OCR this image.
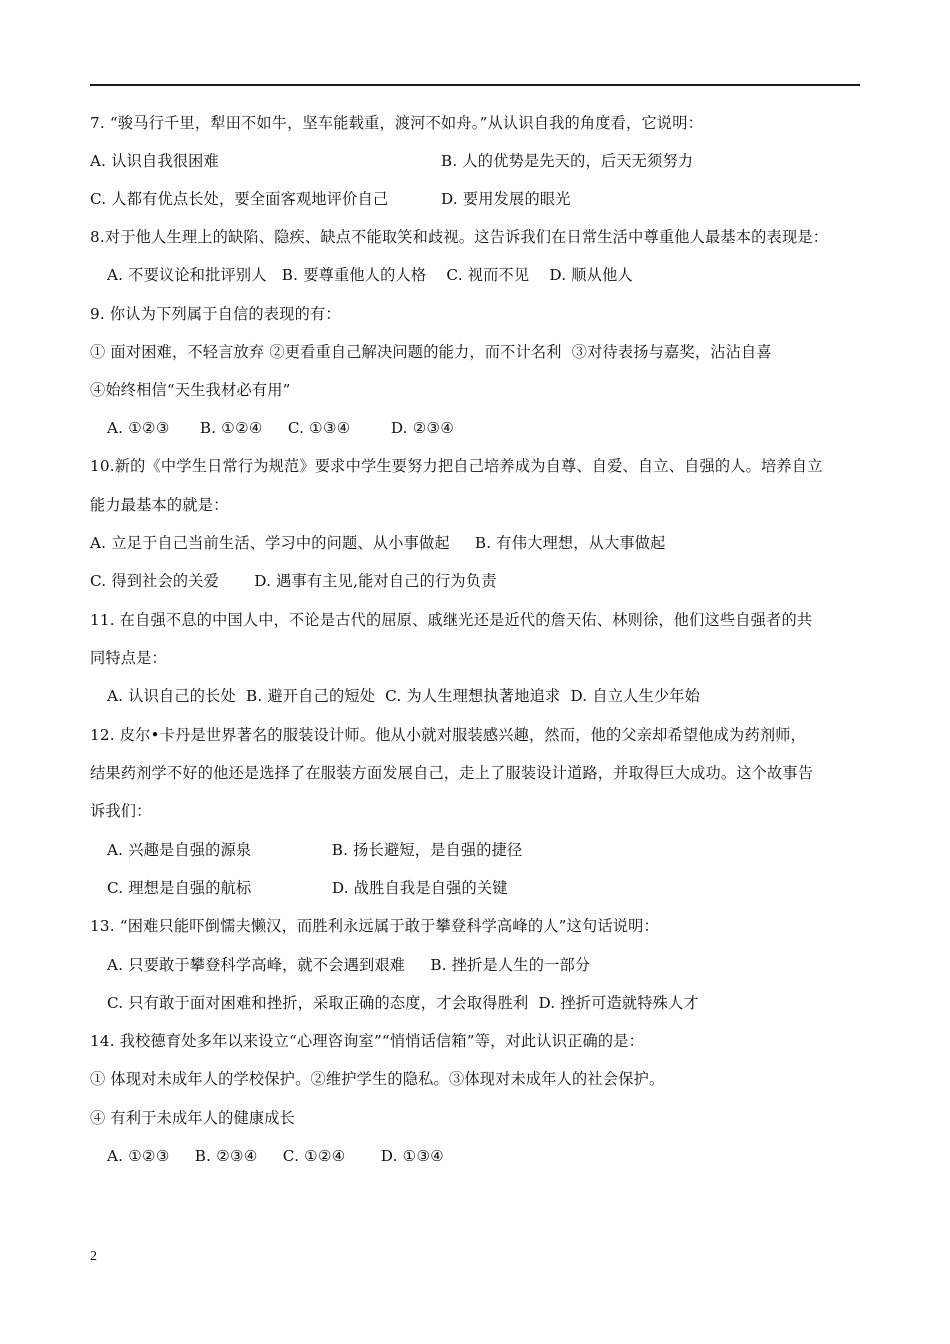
7. “骏马行千里，犁田不如牛，坚车能载重，渡河不如舟。”从认识自我的角度看，它说明：
A. 认识自我很困难	B. 人的优势是先天的，后天无须努力
C. 人都有优点长处，要全面客观地评价自己	D. 要用发展的眼光
8.对于他人生理上的缺陷、隐疾、缺点不能取笑和歧视。这告诉我们在日常生活中尊重他人最基本的表现是：
A. 不要议论和批评别人   B. 要尊重他人的人格    C. 视而不见    D. 顺从他人
9. 你认为下列属于自信的表现的有：
① 面对困难，不轻言放弃 ②更看重自己解决问题的能力，而不计名利  ③对待表扬与嘉奖，沾沾自喜
④始终相信“天生我材必有用”
A. ①②③      B. ①②④     C. ①③④        D. ②③④
10.新的《中学生日常行为规范》要求中学生要努力把自己培养成为自尊、自爱、自立、自强的人。培养自立
能力最基本的就是：
A. 立足于自己当前生活、学习中的问题、从小事做起     B. 有伟大理想，从大事做起
C. 得到社会的关爱       D. 遇事有主见,能对自己的行为负责
11. 在自强不息的中国人中，不论是古代的屈原、戚继光还是近代的詹天佑、林则徐，他们这些自强者的共
同特点是：
A. 认识自己的长处  B. 避开自己的短处  C. 为人生理想执著地追求  D. 自立人生少年始
12. 皮尔•卡丹是世界著名的服装设计师。他从小就对服装感兴趣，然而，他的父亲却希望他成为药剂师，
结果药剂学不好的他还是选择了在服装方面发展自己，走上了服装设计道路，并取得巨大成功。这个故事告
诉我们：
A. 兴趣是自强的源泉                B. 扬长避短，是自强的捷径
C. 理想是自强的航标                D. 战胜自我是自强的关键
13. “困难只能吓倒懦夫懒汉，而胜利永远属于敢于攀登科学高峰的人”这句话说明：
A. 只要敢于攀登科学高峰，就不会遇到艰难     B. 挫折是人生的一部分
C. 只有敢于面对困难和挫折，采取正确的态度，才会取得胜利  D. 挫折可造就特殊人才
14. 我校德育处多年以来设立“心理咨询室”“悄悄话信箱”等，对此认识正确的是：
① 体现对未成年人的学校保护。②维护学生的隐私。③体现对未成年人的社会保护。
④ 有利于未成年人的健康成长
A. ①②③     B. ②③④     C. ①②④       D. ①③④
2
